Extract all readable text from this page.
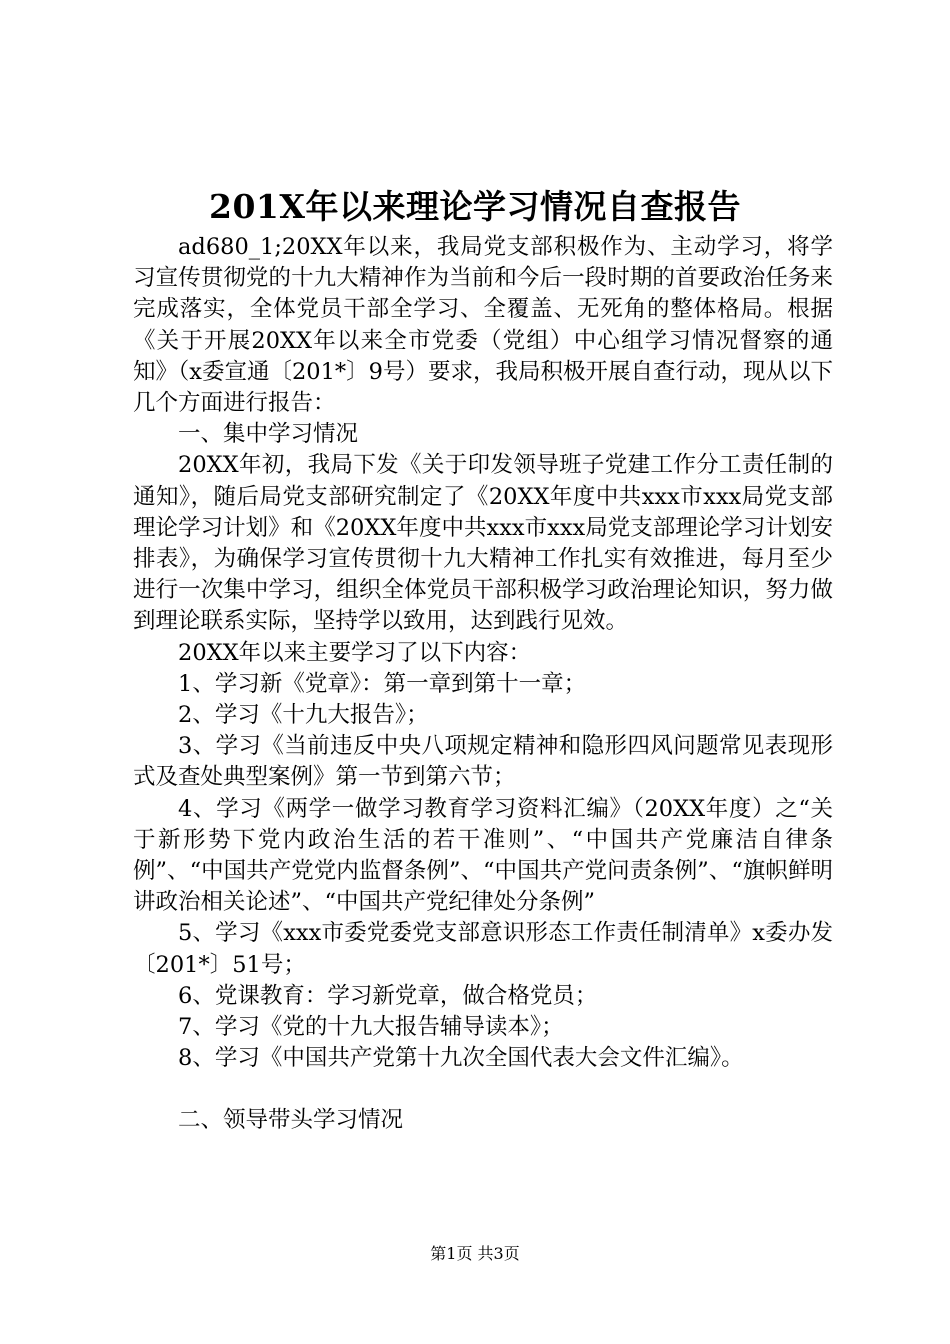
201X年以来理论学习情况自查报告

ad680_1;20XX年以来，我局党支部积极作为、主动学习，将学习宣传贯彻党的十九大精神作为当前和今后一段时期的首要政治任务来完成落实，全体党员干部全学习、全覆盖、无死角的整体格局。根据《关于开展20XX年以来全市党委（党组）中心组学习情况督察的通知》（x委宣通〔201*〕9号）要求，我局积极开展自查行动，现从以下几个方面进行报告：

一、集中学习情况

20XX年初，我局下发《关于印发领导班子党建工作分工责任制的通知》，随后局党支部研究制定了《20XX年度中共xxx市xxx局党支部理论学习计划》和《20XX年度中共xxx市xxx局党支部理论学习计划安排表》，为确保学习宣传贯彻十九大精神工作扎实有效推进，每月至少进行一次集中学习，组织全体党员干部积极学习政治理论知识，努力做到理论联系实际，坚持学以致用，达到践行见效。

20XX年以来主要学习了以下内容：

1、学习新《党章》：第一章到第十一章；

2、学习《十九大报告》；

3、学习《当前违反中央八项规定精神和隐形四风问题常见表现形式及查处典型案例》第一节到第六节；

4、学习《两学一做学习教育学习资料汇编》（20XX年度）之“关于新形势下党内政治生活的若干准则”、“中国共产党廉洁自律条例”、“中国共产党党内监督条例”、“中国共产党问责条例”、“旗帜鲜明讲政治相关论述”、“中国共产党纪律处分条例”

5、学习《xxx市委党委党支部意识形态工作责任制清单》x委办发〔201*〕51号；

6、党课教育：学习新党章，做合格党员；

7、学习《党的十九大报告辅导读本》；

8、学习《中国共产党第十九次全国代表大会文件汇编》。

二、领导带头学习情况

第1页 共3页
